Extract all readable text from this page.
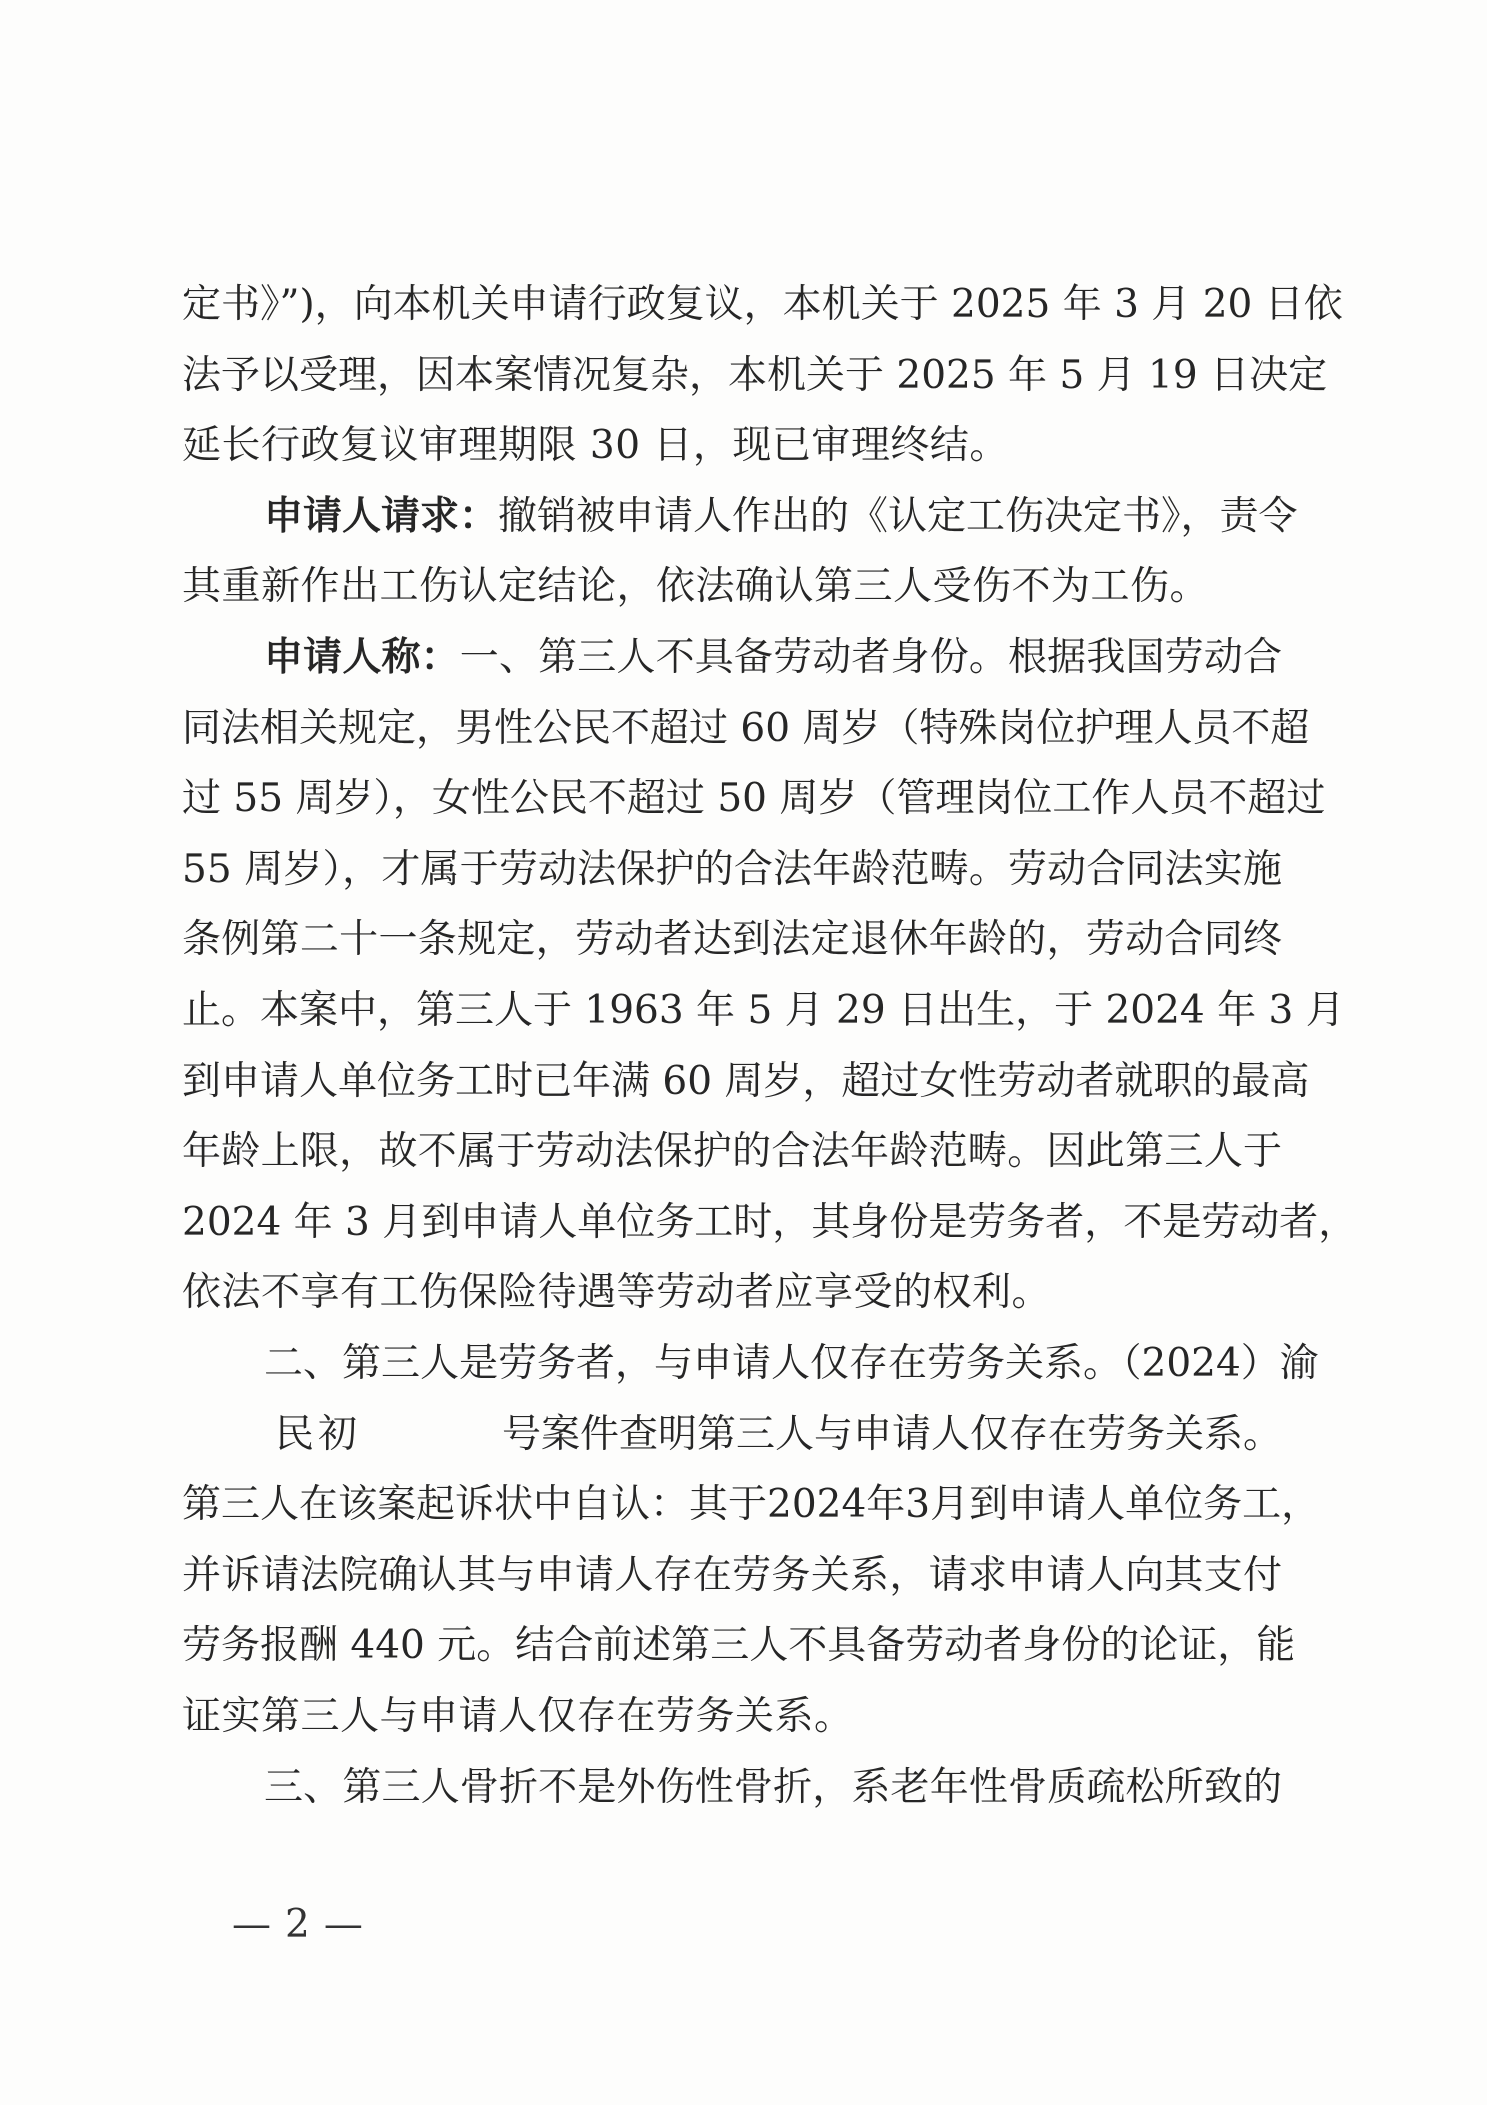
定书》”)，向本机关申请行政复议，本机关于 2025 年 3 月 20 日依
法予以受理，因本案情况复杂，本机关于 2025 年 5 月 19 日决定
延长行政复议审理期限 30 日，现已审理终结。
申请人请求：撤销被申请人作出的《认定工伤决定书》，责令
其重新作出工伤认定结论，依法确认第三人受伤不为工伤。
申请人称：一、第三人不具备劳动者身份。根据我国劳动合
同法相关规定，男性公民不超过 60 周岁（特殊岗位护理人员不超
过 55 周岁），女性公民不超过 50 周岁（管理岗位工作人员不超过
55 周岁），才属于劳动法保护的合法年龄范畴。劳动合同法实施
条例第二十一条规定，劳动者达到法定退休年龄的，劳动合同终
止。本案中，第三人于 1963 年 5 月 29 日出生，于 2024 年 3 月
到申请人单位务工时已年满 60 周岁，超过女性劳动者就职的最高
年龄上限，故不属于劳动法保护的合法年龄范畴。因此第三人于
2024 年 3 月到申请人单位务工时，其身份是劳务者，不是劳动者，
依法不享有工伤保险待遇等劳动者应享受的权利。
二、第三人是劳务者，与申请人仅存在劳务关系。（2024）渝
民初	号案件查明第三人与申请人仅存在劳务关系。
第三人在该案起诉状中自认：其于2024年3月到申请人单位务工，
并诉请法院确认其与申请人存在劳务关系，请求申请人向其支付
劳务报酬 440 元。结合前述第三人不具备劳动者身份的论证，能
证实第三人与申请人仅存在劳务关系。
三、第三人骨折不是外伤性骨折，系老年性骨质疏松所致的
— 2 —
